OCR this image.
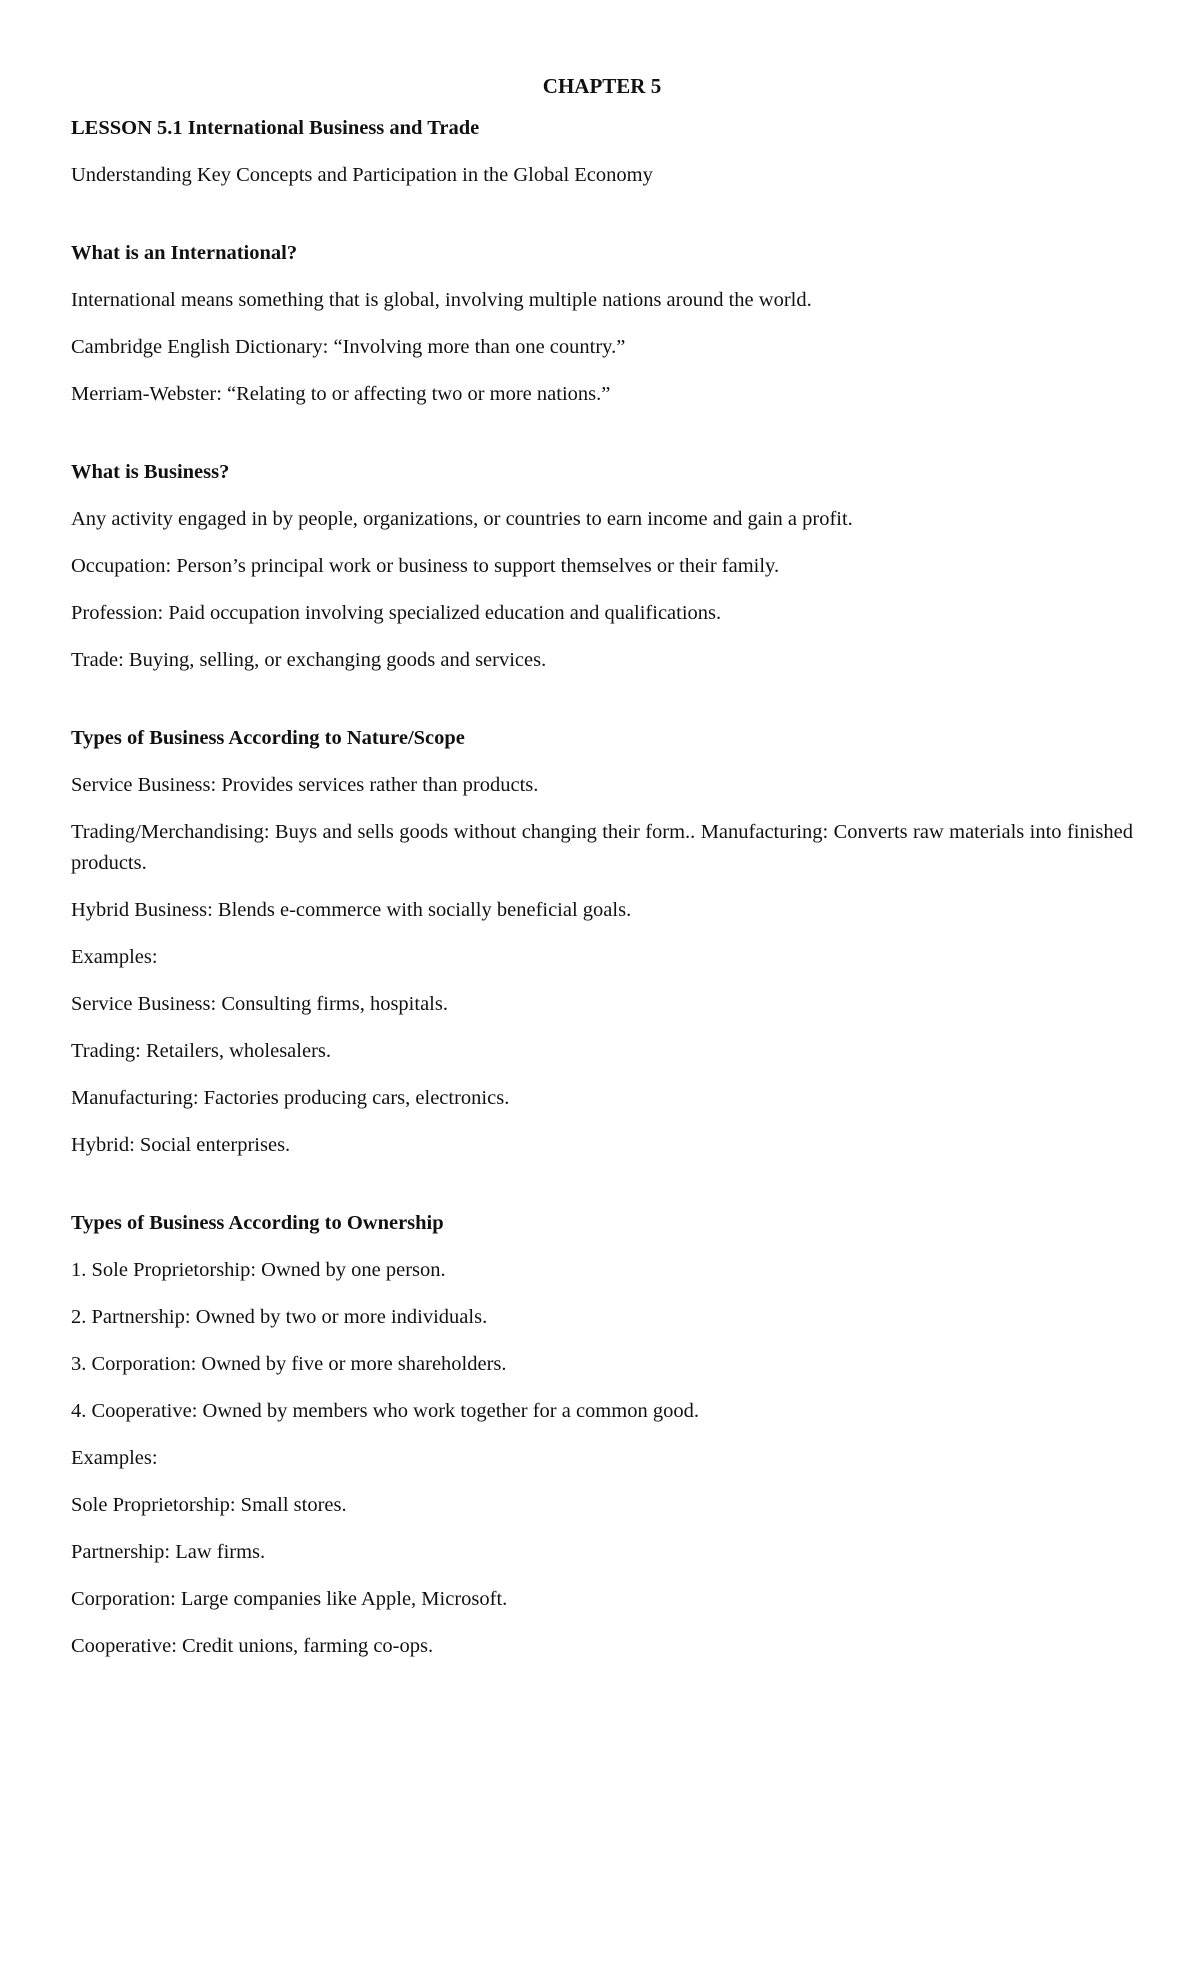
CHAPTER 5

LESSON 5.1 International Business and Trade

Understanding Key Concepts and Participation in the Global Economy

What is an International?

International means something that is global, involving multiple nations around the world.

Cambridge English Dictionary: “Involving more than one country.”

Merriam-Webster: “Relating to or affecting two or more nations.”

What is Business?

Any activity engaged in by people, organizations, or countries to earn income and gain a profit.

Occupation: Person’s principal work or business to support themselves or their family.

Profession: Paid occupation involving specialized education and qualifications.

Trade: Buying, selling, or exchanging goods and services.

Types of Business According to Nature/Scope

Service Business: Provides services rather than products.

Trading/Merchandising: Buys and sells goods without changing their form.. Manufacturing: Converts raw materials into finished products.

Hybrid Business: Blends e-commerce with socially beneficial goals.

Examples:

Service Business: Consulting firms, hospitals.

Trading: Retailers, wholesalers.

Manufacturing: Factories producing cars, electronics.

Hybrid: Social enterprises.

Types of Business According to Ownership

1. Sole Proprietorship: Owned by one person.

2. Partnership: Owned by two or more individuals.

3. Corporation: Owned by five or more shareholders.

4. Cooperative: Owned by members who work together for a common good.

Examples:

Sole Proprietorship: Small stores.

Partnership: Law firms.

Corporation: Large companies like Apple, Microsoft.

Cooperative: Credit unions, farming co-ops.
